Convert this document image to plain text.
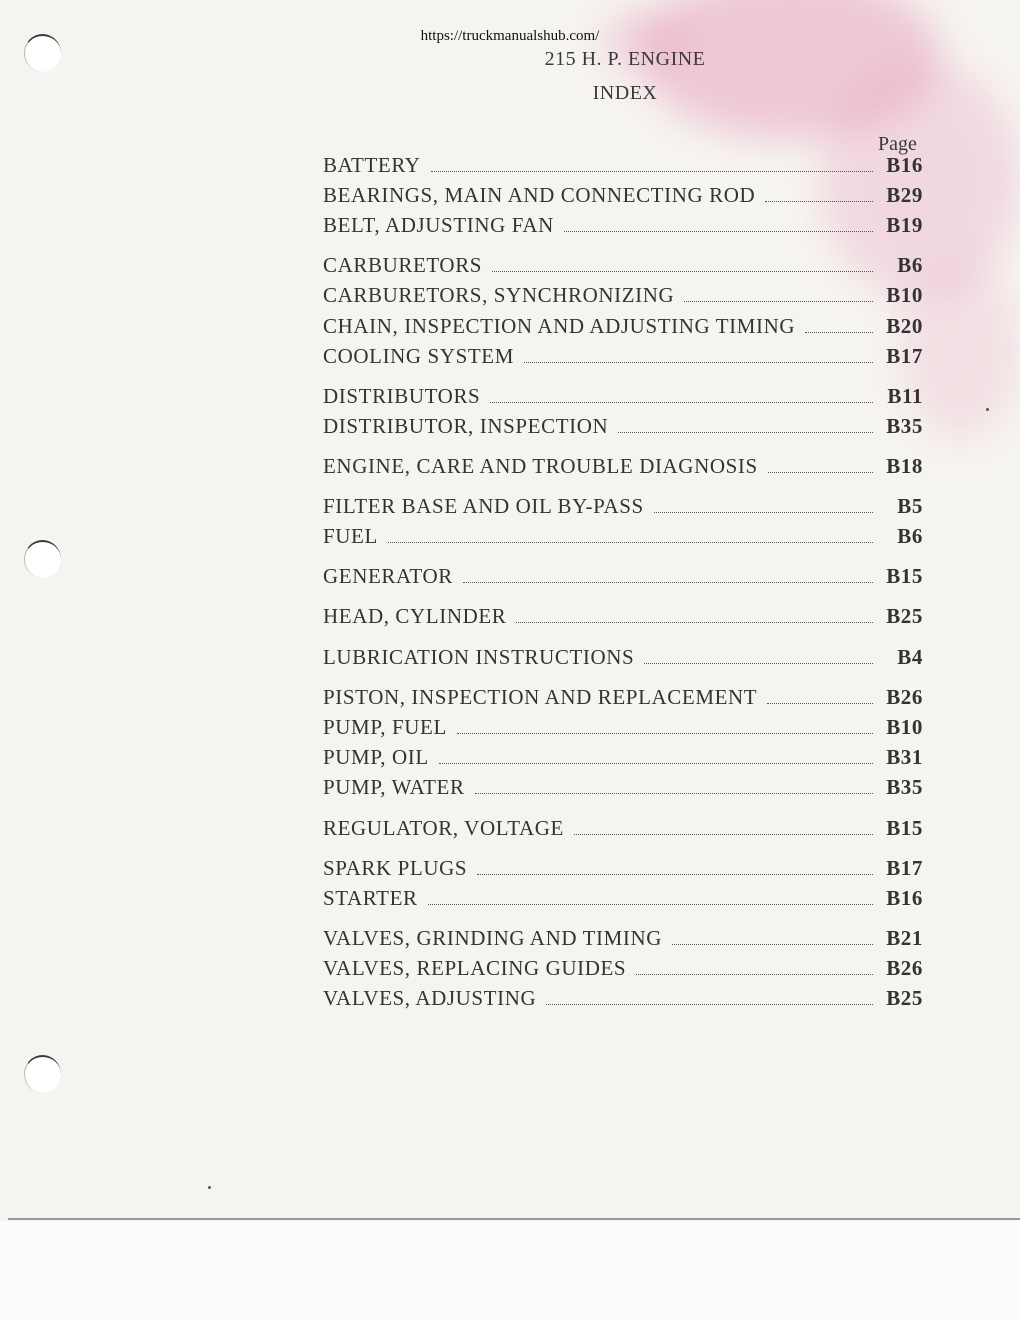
https://truckmanualshub.com/
215 H. P. ENGINE
INDEX
Page
BATTERY	B16
BEARINGS, MAIN AND CONNECTING ROD	B29
BELT, ADJUSTING FAN	B19
CARBURETORS	B6
CARBURETORS, SYNCHRONIZING	B10
CHAIN, INSPECTION AND ADJUSTING TIMING	B20
COOLING SYSTEM	B17
DISTRIBUTORS	B11
DISTRIBUTOR, INSPECTION	B35
ENGINE, CARE AND TROUBLE DIAGNOSIS	B18
FILTER BASE AND OIL BY-PASS	B5
FUEL	B6
GENERATOR	B15
HEAD, CYLINDER	B25
LUBRICATION INSTRUCTIONS	B4
PISTON, INSPECTION AND REPLACEMENT	B26
PUMP, FUEL	B10
PUMP, OIL	B31
PUMP, WATER	B35
REGULATOR, VOLTAGE	B15
SPARK PLUGS	B17
STARTER	B16
VALVES, GRINDING AND TIMING	B21
VALVES, REPLACING GUIDES	B26
VALVES, ADJUSTING	B25
